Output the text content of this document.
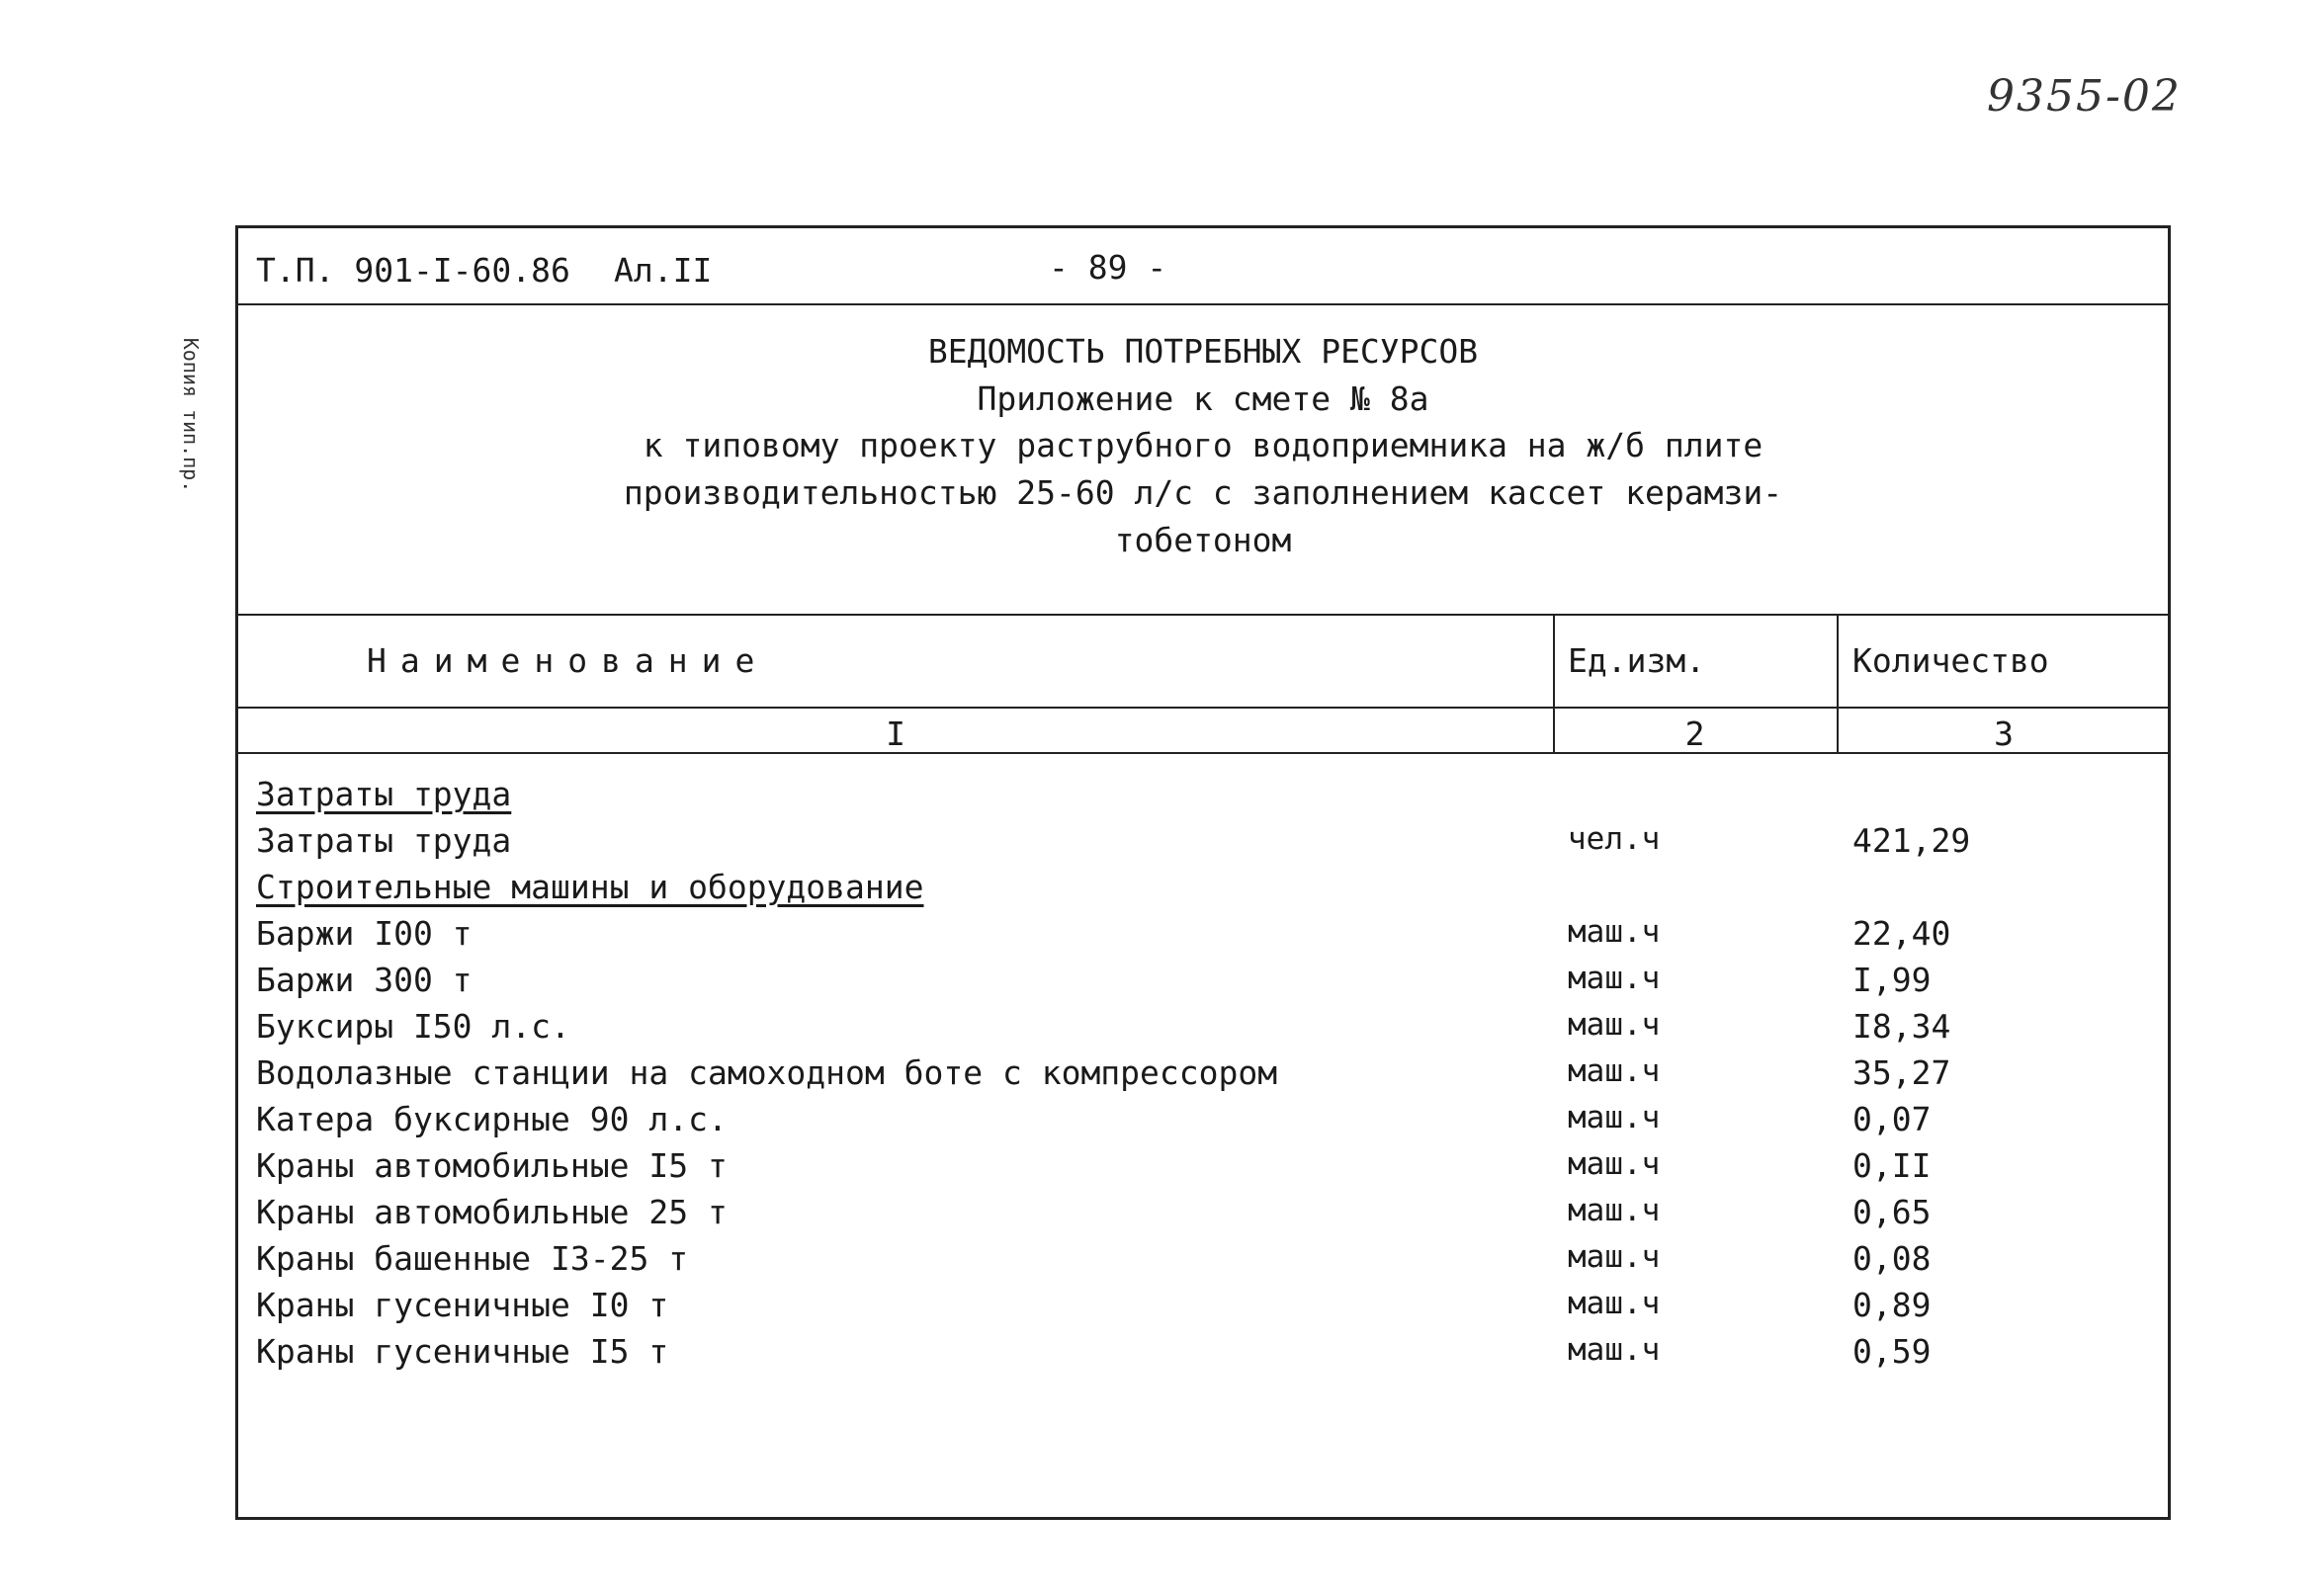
9355-02
Копия тип.пр.
Т.П. 901-I-60.86 Ал.II	- 89 -
ВЕДОМОСТЬ ПОТРЕБНЫХ РЕСУРСОВ
Приложение к смете № 8а
к типовому проекту раструбного водоприемника на ж/б плите
производительностью 25-60 л/с с заполнением кассет керамзи-
тобетоном
Наименование	Ед.изм.	Количество
I	2	3
Затраты труда
Затраты труда	чел.ч	421,29
Строительные машины и оборудование
Баржи I00 т	маш.ч	22,40
Баржи 300 т	маш.ч	I,99
Буксиры I50 л.с.	маш.ч	I8,34
Водолазные станции на самоходном боте с компрессором	маш.ч	35,27
Катера буксирные 90 л.с.	маш.ч	0,07
Краны автомобильные I5 т	маш.ч	0,II
Краны автомобильные 25 т	маш.ч	0,65
Краны башенные I3-25 т	маш.ч	0,08
Краны гусеничные I0 т	маш.ч	0,89
Краны гусеничные I5 т	маш.ч	0,59
